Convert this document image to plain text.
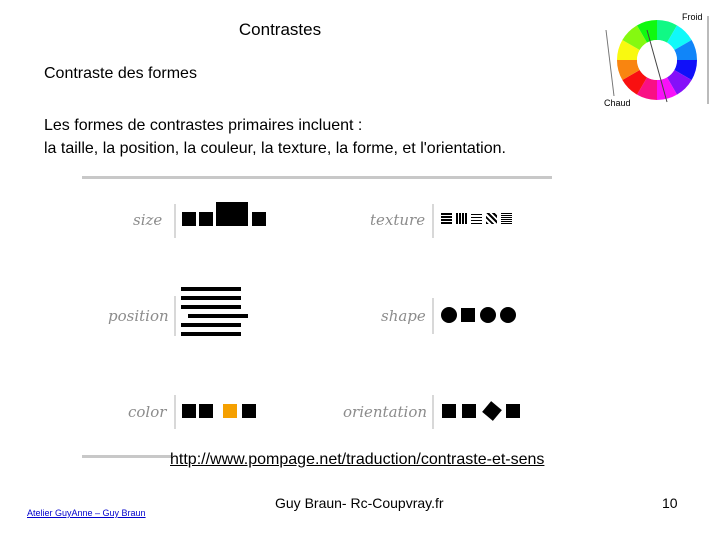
Contrastes
Contraste des formes
Les formes de contrastes primaires incluent :
la taille, la position, la couleur, la texture, la forme, et l'orientation.
Froid
Chaud
size	texture
position	shape
color	orientation
http://www.pompage.net/traduction/contraste-et-sens
Atelier GuyAnne – Guy Braun
Guy Braun- Rc-Coupvray.fr	10
